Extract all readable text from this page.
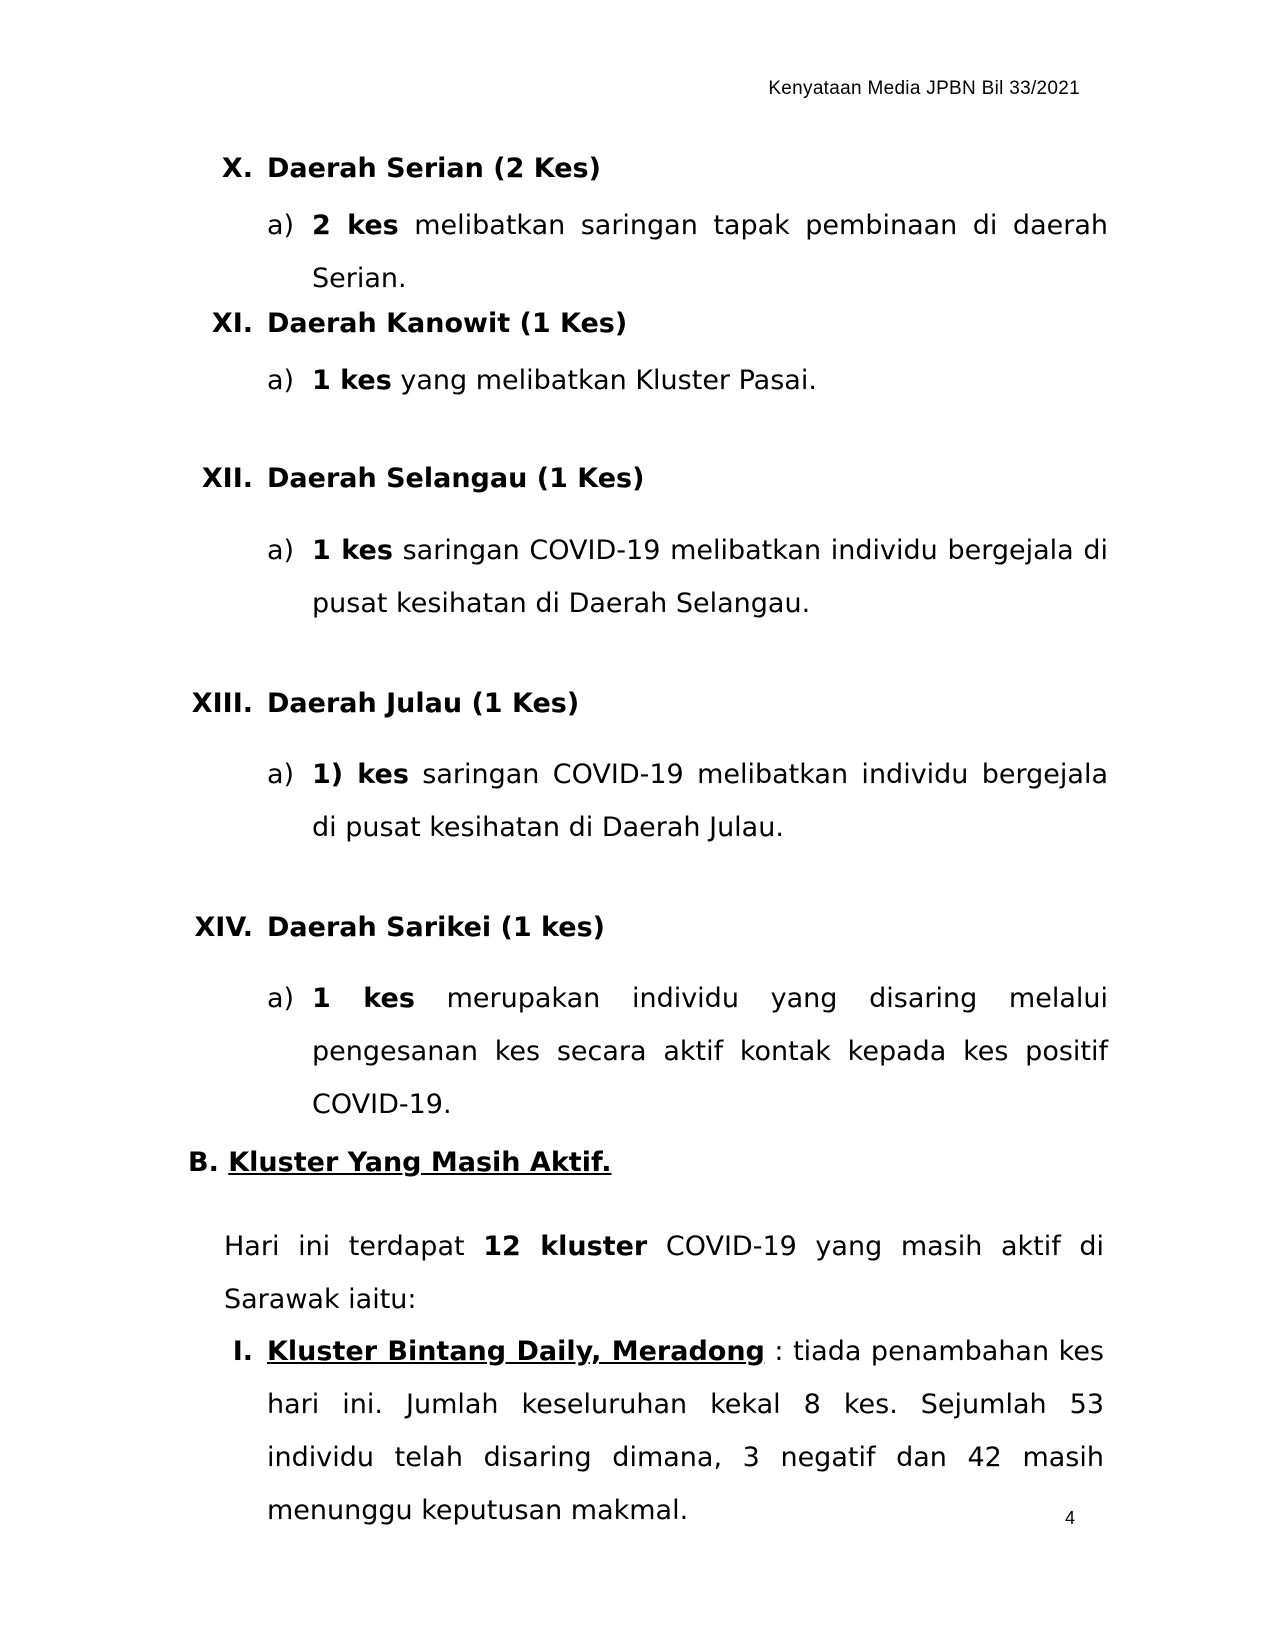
Kenyataan Media JPBN Bil 33/2021
X. Daerah Serian (2 Kes)
a) 2 kes melibatkan saringan tapak pembinaan di daerah Serian.
XI. Daerah Kanowit (1 Kes)
a) 1 kes yang melibatkan Kluster Pasai.
XII. Daerah Selangau (1 Kes)
a) 1 kes saringan COVID-19 melibatkan individu bergejala di pusat kesihatan di Daerah Selangau.
XIII. Daerah Julau (1 Kes)
a) 1) kes saringan COVID-19 melibatkan individu bergejala di pusat kesihatan di Daerah Julau.
XIV. Daerah Sarikei (1 kes)
a) 1 kes merupakan individu yang disaring melalui pengesanan kes secara aktif kontak kepada kes positif COVID-19.
B. Kluster Yang Masih Aktif.
Hari ini terdapat 12 kluster COVID-19 yang masih aktif di Sarawak iaitu:
I. Kluster Bintang Daily, Meradong : tiada penambahan kes hari ini. Jumlah keseluruhan kekal 8 kes. Sejumlah 53 individu telah disaring dimana, 3 negatif dan 42 masih menunggu keputusan makmal.	4
